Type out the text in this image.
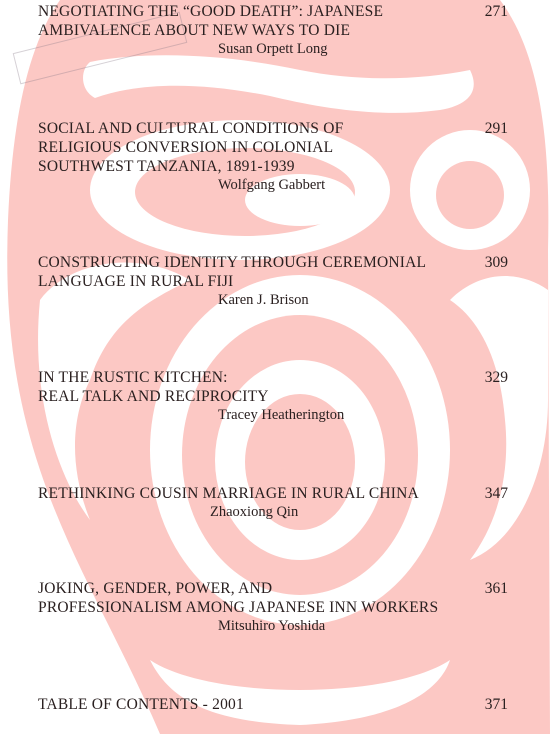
NEGOTIATING THE “GOOD DEATH”: JAPANESE
AMBIVALENCE ABOUT NEW WAYS TO DIE
Susan Orpett Long
271
SOCIAL AND CULTURAL CONDITIONS OF
RELIGIOUS CONVERSION IN COLONIAL
SOUTHWEST TANZANIA, 1891-1939
Wolfgang Gabbert
291
CONSTRUCTING IDENTITY THROUGH CEREMONIAL
LANGUAGE IN RURAL FIJI
Karen J. Brison
309
IN THE RUSTIC KITCHEN:
REAL TALK AND RECIPROCITY
Tracey Heatherington
329
RETHINKING COUSIN MARRIAGE IN RURAL CHINA
Zhaoxiong Qin
347
JOKING, GENDER, POWER, AND
PROFESSIONALISM AMONG JAPANESE INN WORKERS
Mitsuhiro Yoshida
361
TABLE OF CONTENTS - 2001	371
